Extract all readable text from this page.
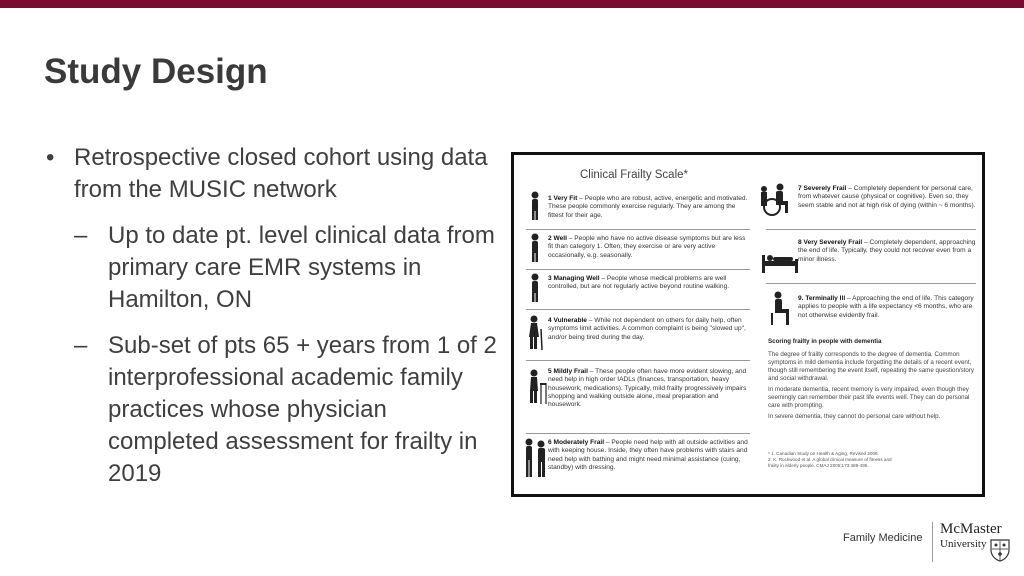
Study Design
• Retrospective closed cohort using data from the MUSIC network
– Up to date pt. level clinical data from primary care EMR systems in Hamilton, ON
– Sub-set of pts 65 + years from 1 of 2 interprofessional academic family practices whose physician completed assessment for frailty in 2019
Clinical Frailty Scale*
1 Very Fit – People who are robust, active, energetic and motivated. These people commonly exercise regularly. They are among the fittest for their age.
2 Well – People who have no active disease symptoms but are less fit than category 1. Often, they exercise or are very active occasionally, e.g. seasonally.
3 Managing Well – People whose medical problems are well controlled, but are not regularly active beyond routine walking.
4 Vulnerable – While not dependent on others for daily help, often symptoms limit activities. A common complaint is being "slowed up", and/or being tired during the day.
5 Mildly Frail – These people often have more evident slowing, and need help in high order IADLs (finances, transportation, heavy housework, medications). Typically, mild frailty progressively impairs shopping and walking outside alone, meal preparation and housework.
6 Moderately Frail – People need help with all outside activities and with keeping house. Inside, they often have problems with stairs and need help with bathing and might need minimal assistance (cuing, standby) with dressing.
7 Severely Frail – Completely dependent for personal care, from whatever cause (physical or cognitive). Even so, they seem stable and not at high risk of dying (within ~ 6 months).
8 Very Severely Frail – Completely dependent, approaching the end of life. Typically, they could not recover even from a minor illness.
9. Terminally Ill – Approaching the end of life. This category applies to people with a life expectancy <6 months, who are not otherwise evidently frail.
Scoring frailty in people with dementia
The degree of frailty corresponds to the degree of dementia. Common symptoms in mild dementia include forgetting the details of a recent event, though still remembering the event itself, repeating the same question/story and social withdrawal.
In moderate dementia, recent memory is very impaired, even though they seemingly can remember their past life events well. They can do personal care with prompting.
In severe dementia, they cannot do personal care without help.
* 1. Canadian Study on Health & Aging, Revised 2008.
2. K. Rockwood et al. A global clinical measure of fitness and
frailty in elderly people. CMAJ 2005;173:489-495.
Family Medicine
McMaster
University
